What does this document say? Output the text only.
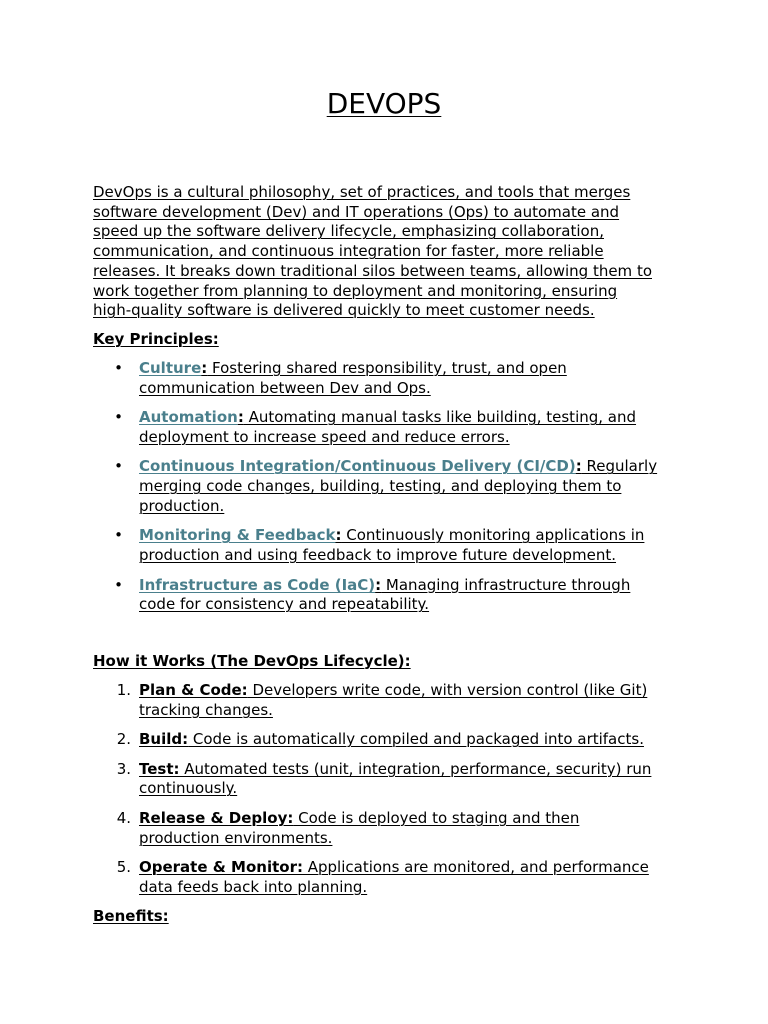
DEVOPS

DevOps is a cultural philosophy, set of practices, and tools that merges
software development (Dev) and IT operations (Ops) to automate and
speed up the software delivery lifecycle, emphasizing collaboration,
communication, and continuous integration for faster, more reliable
releases. It breaks down traditional silos between teams, allowing them to
work together from planning to deployment and monitoring, ensuring
high-quality software is delivered quickly to meet customer needs.

Key Principles:
• Culture: Fostering shared responsibility, trust, and open
communication between Dev and Ops.
• Automation: Automating manual tasks like building, testing, and
deployment to increase speed and reduce errors.
• Continuous Integration/Continuous Delivery (CI/CD): Regularly
merging code changes, building, testing, and deploying them to
production.
• Monitoring & Feedback: Continuously monitoring applications in
production and using feedback to improve future development.
• Infrastructure as Code (IaC): Managing infrastructure through
code for consistency and repeatability.
How it Works (The DevOps Lifecycle):
1. Plan & Code: Developers write code, with version control (like Git)
tracking changes.
2. Build: Code is automatically compiled and packaged into artifacts.
3. Test: Automated tests (unit, integration, performance, security) run
continuously.
4. Release & Deploy: Code is deployed to staging and then
production environments.
5. Operate & Monitor: Applications are monitored, and performance
data feeds back into planning.
Benefits:
